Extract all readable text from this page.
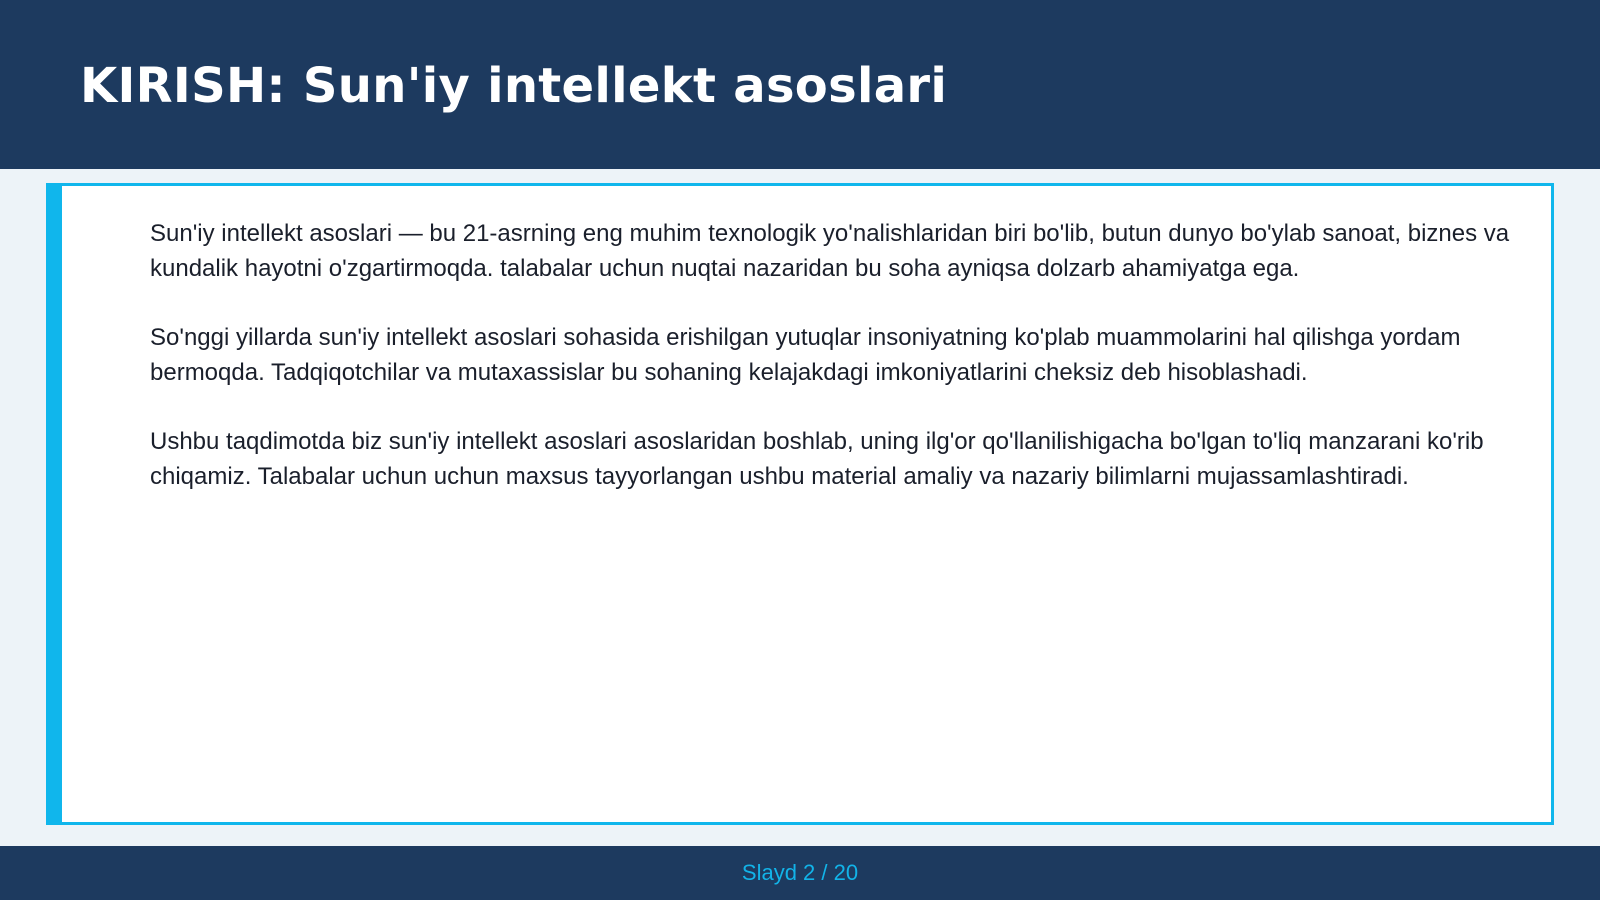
KIRISH: Sun'iy intellekt asoslari

Sun'iy intellekt asoslari — bu 21-asrning eng muhim texnologik yo'nalishlaridan biri bo'lib, butun dunyo bo'ylab sanoat, biznes va kundalik hayotni o'zgartirmoqda. talabalar uchun nuqtai nazaridan bu soha ayniqsa dolzarb ahamiyatga ega.

So'nggi yillarda sun'iy intellekt asoslari sohasida erishilgan yutuqlar insoniyatning ko'plab muammolarini hal qilishga yordam bermoqda. Tadqiqotchilar va mutaxassislar bu sohaning kelajakdagi imkoniyatlarini cheksiz deb hisoblashadi.

Ushbu taqdimotda biz sun'iy intellekt asoslari asoslaridan boshlab, uning ilg'or qo'llanilishigacha bo'lgan to'liq manzarani ko'rib chiqamiz. Talabalar uchun uchun maxsus tayyorlangan ushbu material amaliy va nazariy bilimlarni mujassamlashtiradi.

Slayd 2 / 20
